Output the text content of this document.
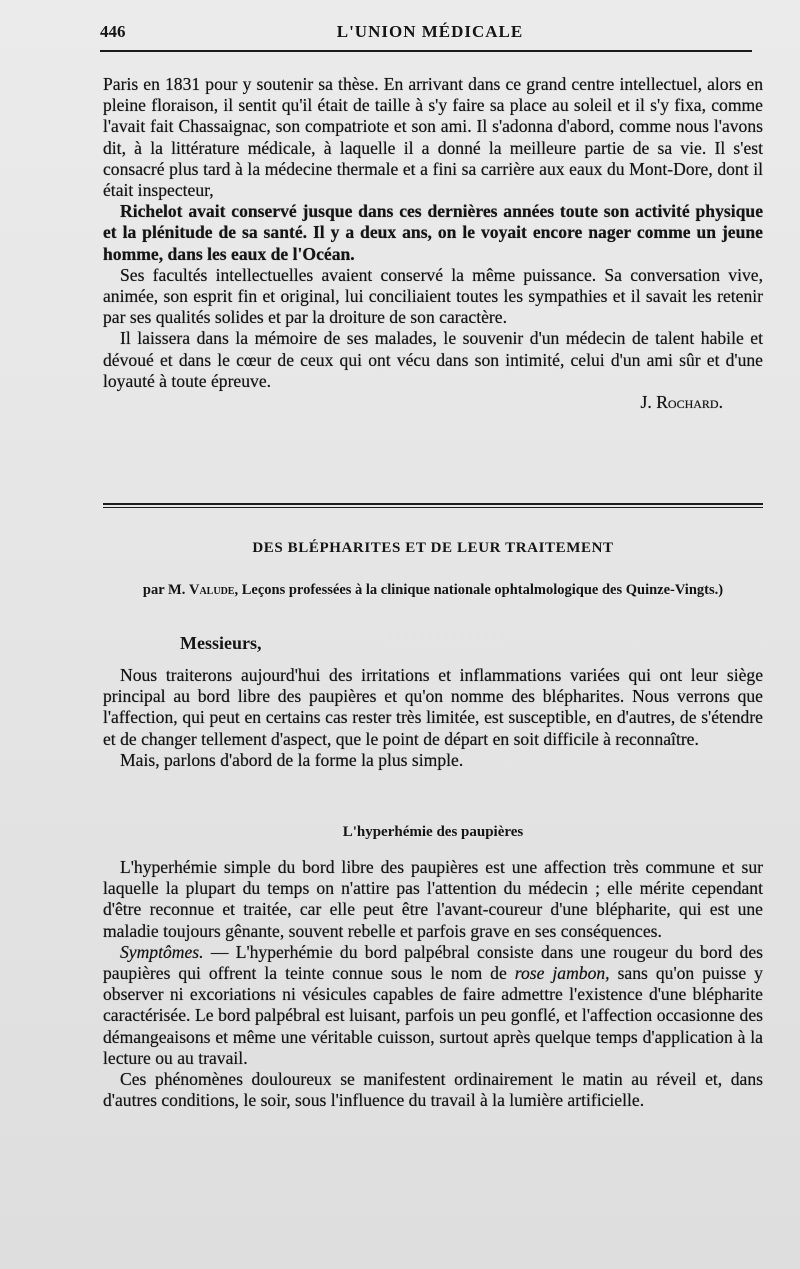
446	L'UNION MÉDICALE

Paris en 1831 pour y soutenir sa thèse. En arrivant dans ce grand centre intellectuel, alors en pleine floraison, il sentit qu'il était de taille à s'y faire sa place au soleil et il s'y fixa, comme l'avait fait Chassaignac, son compatriote et son ami. Il s'adonna d'abord, comme nous l'avons dit, à la littérature médicale, à laquelle il a donné la meilleure partie de sa vie. Il s'est consacré plus tard à la médecine thermale et a fini sa carrière aux eaux du Mont-Dore, dont il était inspecteur,

Richelot avait conservé jusque dans ces dernières années toute son activité physique et la plénitude de sa santé. Il y a deux ans, on le voyait encore nager comme un jeune homme, dans les eaux de l'Océan.

Ses facultés intellectuelles avaient conservé la même puissance. Sa conversation vive, animée, son esprit fin et original, lui conciliaient toutes les sympathies et il savait les retenir par ses qualités solides et par la droiture de son caractère.

Il laissera dans la mémoire de ses malades, le souvenir d'un médecin de talent habile et dévoué et dans le cœur de ceux qui ont vécu dans son intimité, celui d'un ami sûr et d'une loyauté à toute épreuve.

J. Rochard.

DES BLÉPHARITES ET DE LEUR TRAITEMENT
par M. Valude, Leçons professées à la clinique nationale ophtalmologique des Quinze-Vingts.)
Messieurs,

Nous traiterons aujourd'hui des irritations et inflammations variées qui ont leur siège principal au bord libre des paupières et qu'on nomme des blépharites. Nous verrons que l'affection, qui peut en certains cas rester très limitée, est susceptible, en d'autres, de s'étendre et de changer tellement d'aspect, que le point de départ en soit difficile à reconnaître.

Mais, parlons d'abord de la forme la plus simple.

L'hyperhémie des paupières

L'hyperhémie simple du bord libre des paupières est une affection très commune et sur laquelle la plupart du temps on n'attire pas l'attention du médecin ; elle mérite cependant d'être reconnue et traitée, car elle peut être l'avant-coureur d'une blépharite, qui est une maladie toujours gênante, souvent rebelle et parfois grave en ses conséquences.

Symptômes. — L'hyperhémie du bord palpébral consiste dans une rougeur du bord des paupières qui offrent la teinte connue sous le nom de rose jambon, sans qu'on puisse y observer ni excoriations ni vésicules capables de faire admettre l'existence d'une blépharite caractérisée. Le bord palpébral est luisant, parfois un peu gonflé, et l'affection occasionne des démangeaisons et même une véritable cuisson, surtout après quelque temps d'application à la lecture ou au travail.

Ces phénomènes douloureux se manifestent ordinairement le matin au réveil et, dans d'autres conditions, le soir, sous l'influence du travail à la lumière artificielle.
